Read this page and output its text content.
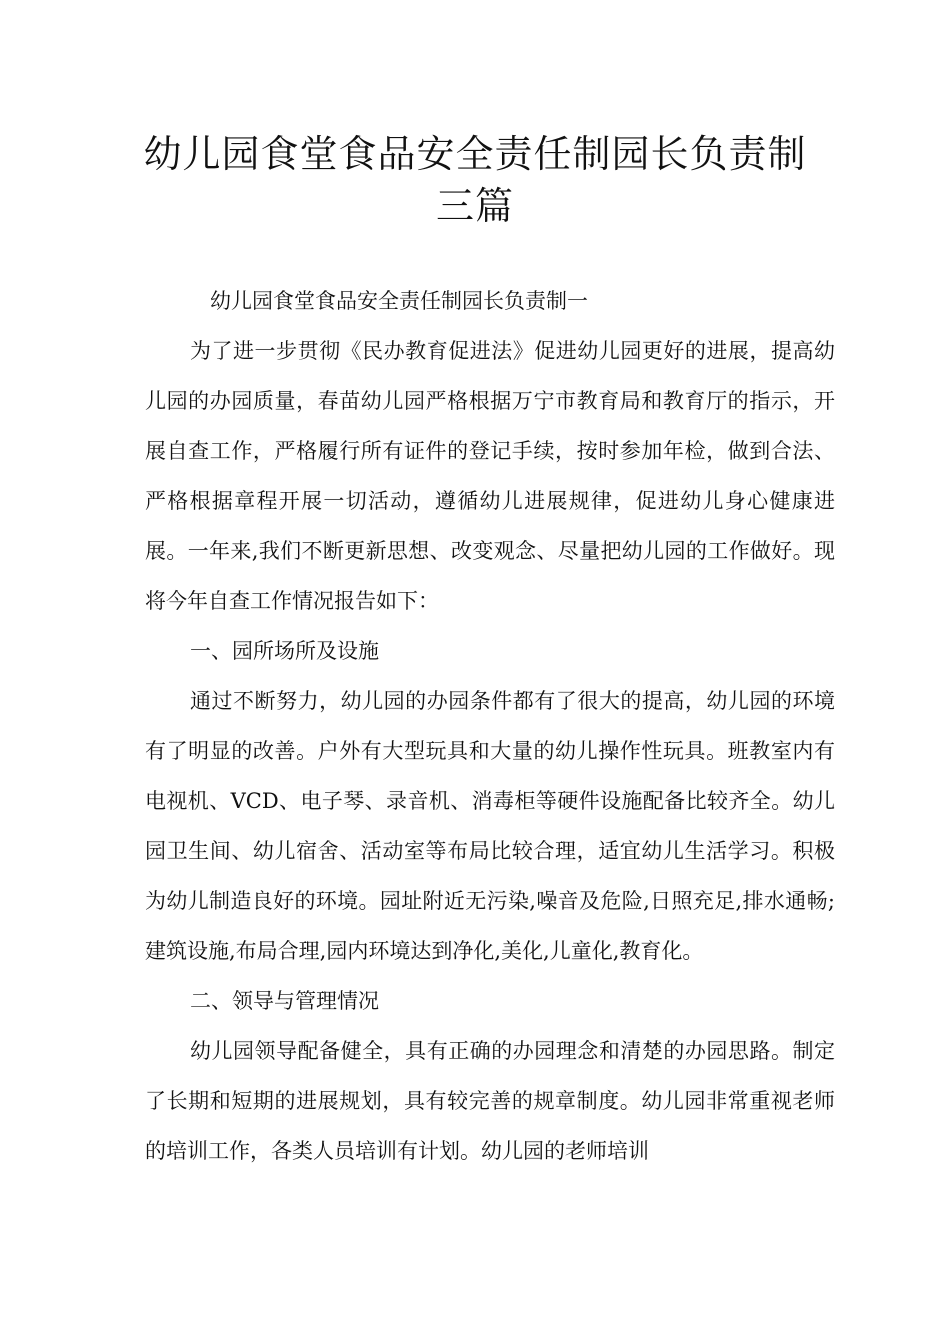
幼儿园食堂食品安全责任制园长负责制
三篇

幼儿园食堂食品安全责任制园长负责制一

为了进一步贯彻《民办教育促进法》促进幼儿园更好的进展，提高幼儿园的办园质量，春苗幼儿园严格根据万宁市教育局和教育厅的指示，开展自查工作，严格履行所有证件的登记手续，按时参加年检，做到合法、严格根据章程开展一切活动，遵循幼儿进展规律，促进幼儿身心健康进展。一年来,我们不断更新思想、改变观念、尽量把幼儿园的工作做好。现将今年自查工作情况报告如下：

一、园所场所及设施

通过不断努力，幼儿园的办园条件都有了很大的提高，幼儿园的环境有了明显的改善。户外有大型玩具和大量的幼儿操作性玩具。班教室内有电视机、VCD、电子琴、录音机、消毒柜等硬件设施配备比较齐全。幼儿园卫生间、幼儿宿舍、活动室等布局比较合理，适宜幼儿生活学习。积极为幼儿制造良好的环境。园址附近无污染,噪音及危险,日照充足,排水通畅;建筑设施,布局合理,园内环境达到净化,美化,儿童化,教育化。

二、领导与管理情况

幼儿园领导配备健全，具有正确的办园理念和清楚的办园思路。制定了长期和短期的进展规划，具有较完善的规章制度。幼儿园非常重视老师的培训工作，各类人员培训有计划。幼儿园的老师培训
